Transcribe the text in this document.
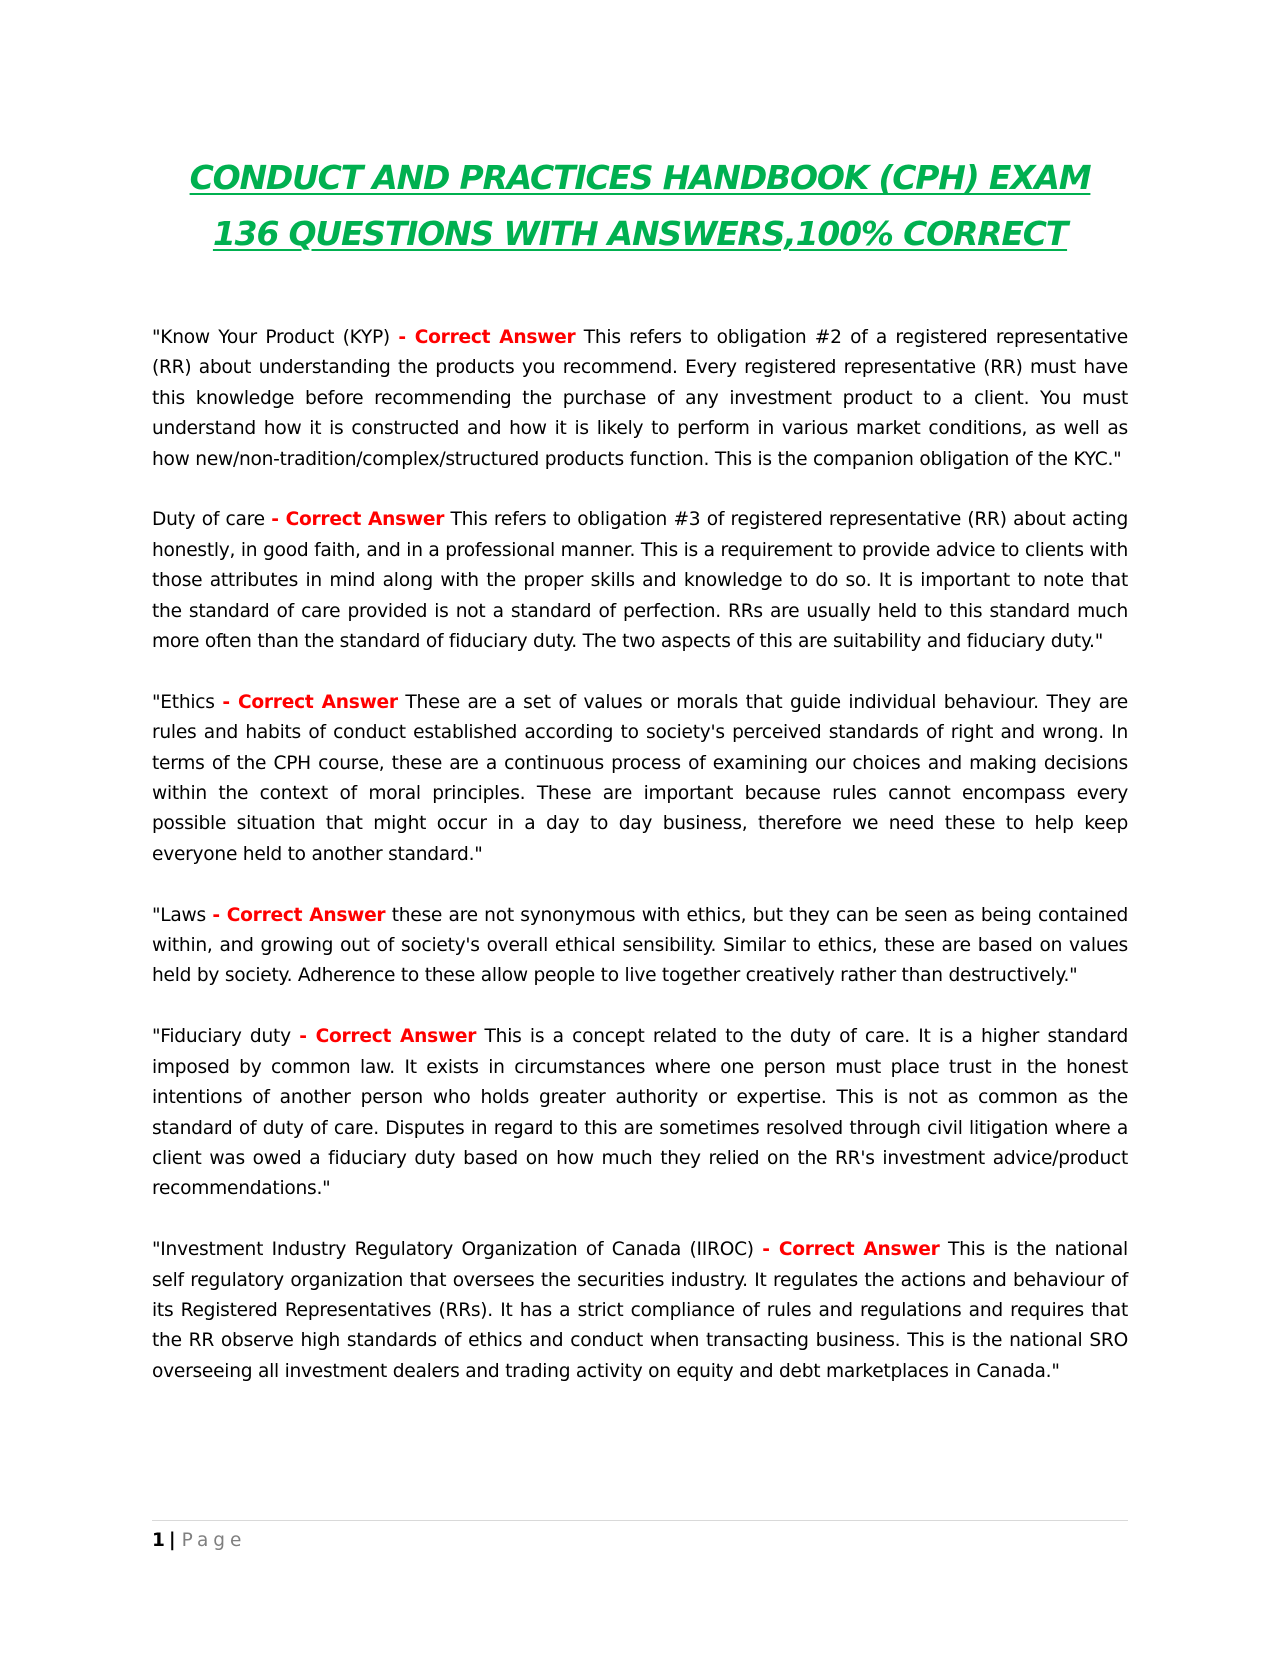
CONDUCT AND PRACTICES HANDBOOK (CPH) EXAM
136 QUESTIONS WITH ANSWERS,100% CORRECT

"Know Your Product (KYP) - Correct Answer This refers to obligation #2 of a registered representative (RR) about understanding the products you recommend. Every registered representative (RR) must have this knowledge before recommending the purchase of any investment product to a client. You must understand how it is constructed and how it is likely to perform in various market conditions, as well as how new/non-tradition/complex/structured products function. This is the companion obligation of the KYC."

Duty of care - Correct Answer This refers to obligation #3 of registered representative (RR) about acting honestly, in good faith, and in a professional manner. This is a requirement to provide advice to clients with those attributes in mind along with the proper skills and knowledge to do so. It is important to note that the standard of care provided is not a standard of perfection. RRs are usually held to this standard much more often than the standard of fiduciary duty. The two aspects of this are suitability and fiduciary duty."

"Ethics - Correct Answer These are a set of values or morals that guide individual behaviour. They are rules and habits of conduct established according to society's perceived standards of right and wrong. In terms of the CPH course, these are a continuous process of examining our choices and making decisions within the context of moral principles. These are important because rules cannot encompass every possible situation that might occur in a day to day business, therefore we need these to help keep everyone held to another standard."

"Laws - Correct Answer these are not synonymous with ethics, but they can be seen as being contained within, and growing out of society's overall ethical sensibility. Similar to ethics, these are based on values held by society. Adherence to these allow people to live together creatively rather than destructively."

"Fiduciary duty - Correct Answer This is a concept related to the duty of care. It is a higher standard imposed by common law. It exists in circumstances where one person must place trust in the honest intentions of another person who holds greater authority or expertise. This is not as common as the standard of duty of care. Disputes in regard to this are sometimes resolved through civil litigation where a client was owed a fiduciary duty based on how much they relied on the RR's investment advice/product recommendations."

"Investment Industry Regulatory Organization of Canada (IIROC) - Correct Answer This is the national self regulatory organization that oversees the securities industry. It regulates the actions and behaviour of its Registered Representatives (RRs). It has a strict compliance of rules and regulations and requires that the RR observe high standards of ethics and conduct when transacting business. This is the national SRO overseeing all investment dealers and trading activity on equity and debt marketplaces in Canada."

1 | Page
